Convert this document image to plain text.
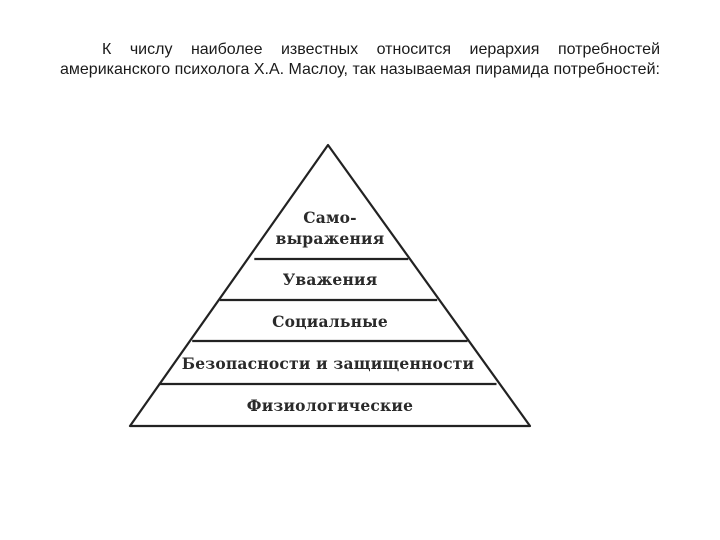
К числу наиболее известных относится иерархия потребностей американского психолога Х.А. Маслоу, так называемая пирамида потребностей:

Само-
выражения
Уважения
Социальные
Безопасности и защищенности
Физиологические
